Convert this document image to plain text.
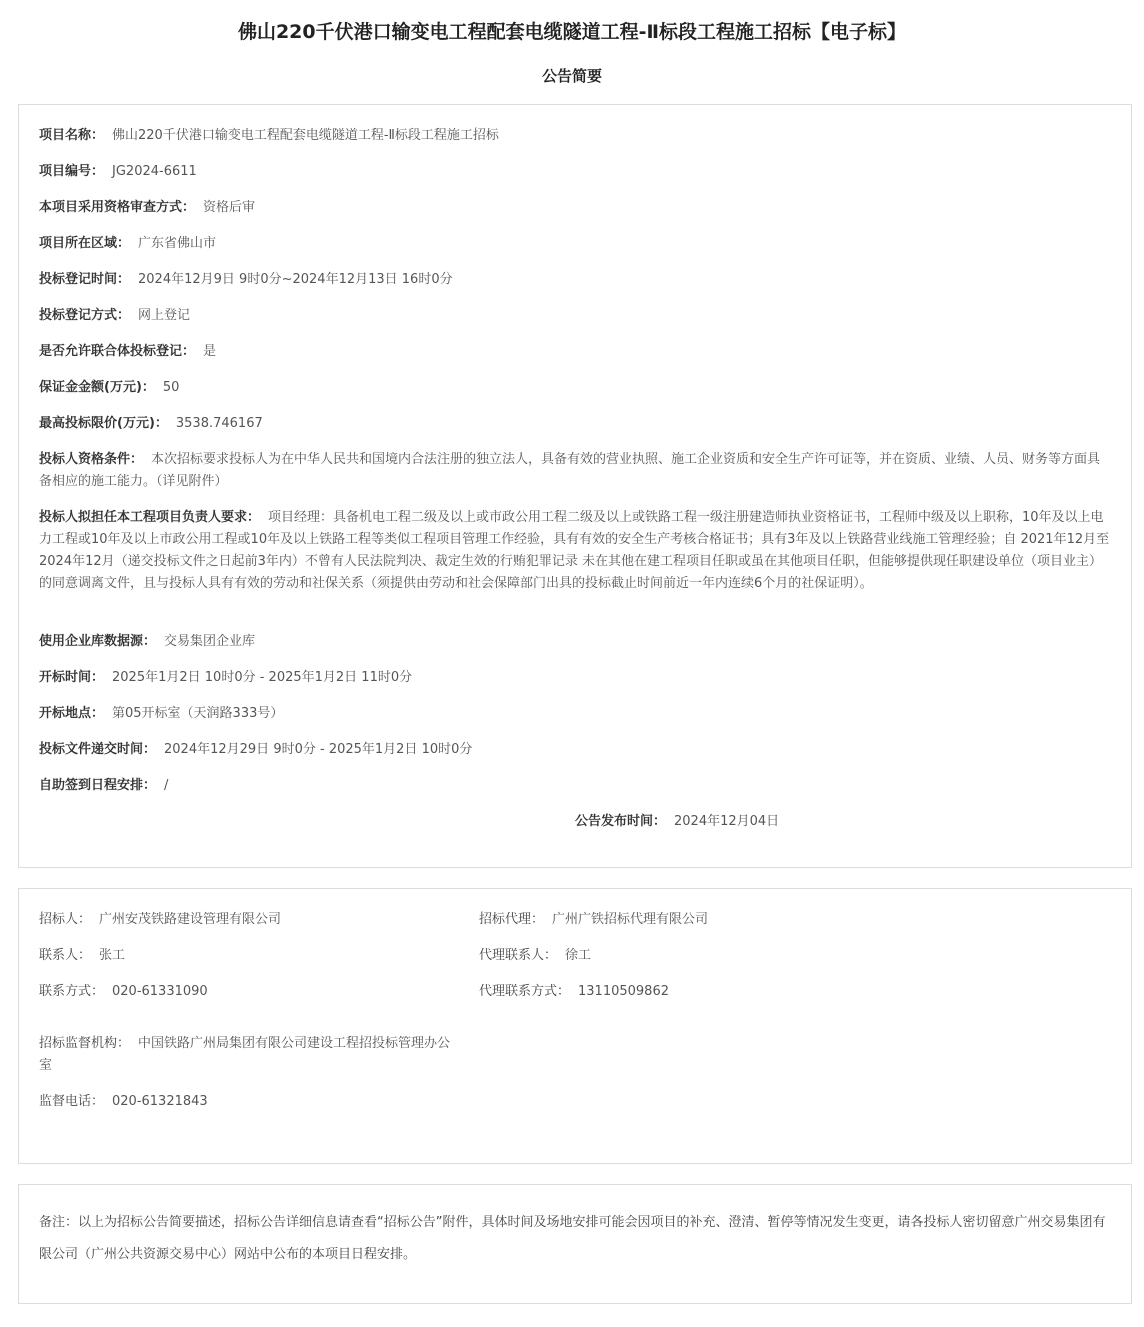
佛山220千伏港口输变电工程配套电缆隧道工程-Ⅱ标段工程施工招标【电子标】
公告简要
项目名称： 佛山220千伏港口输变电工程配套电缆隧道工程-Ⅱ标段工程施工招标
项目编号： JG2024-6611
本项目采用资格审查方式： 资格后审
项目所在区域： 广东省佛山市
投标登记时间： 2024年12月9日 9时0分~2024年12月13日 16时0分
投标登记方式： 网上登记
是否允许联合体投标登记： 是
保证金金额(万元)： 50
最高投标限价(万元)： 3538.746167
投标人资格条件： 本次招标要求投标人为在中华人民共和国境内合法注册的独立法人，具备有效的营业执照、施工企业资质和安全生产许可证等，并在资质、业绩、人员、财务等方面具备相应的施工能力。（详见附件）
投标人拟担任本工程项目负责人要求： 项目经理：具备机电工程二级及以上或市政公用工程二级及以上或铁路工程一级注册建造师执业资格证书，工程师中级及以上职称，10年及以上电力工程或10年及以上市政公用工程或10年及以上铁路工程等类似工程项目管理工作经验，具有有效的安全生产考核合格证书；具有3年及以上铁路营业线施工管理经验；自 2021年12月至 2024年12月（递交投标文件之日起前3年内）不曾有人民法院判决、裁定生效的行贿犯罪记录 未在其他在建工程项目任职或虽在其他项目任职，但能够提供现任职建设单位（项目业主）的同意调离文件，且与投标人具有有效的劳动和社保关系（须提供由劳动和社会保障部门出具的投标截止时间前近一年内连续6个月的社保证明）。
使用企业库数据源： 交易集团企业库
开标时间： 2025年1月2日 10时0分 - 2025年1月2日 11时0分
开标地点： 第05开标室（天润路333号）
投标文件递交时间： 2024年12月29日 9时0分 - 2025年1月2日 10时0分
自助签到日程安排： /
公告发布时间： 2024年12月04日
招标人： 广州安茂铁路建设管理有限公司	招标代理： 广州广铁招标代理有限公司
联系人： 张工	代理联系人： 徐工
联系方式： 020-61331090	代理联系方式： 13110509862
招标监督机构： 中国铁路广州局集团有限公司建设工程招投标管理办公室
监督电话： 020-61321843
备注：以上为招标公告简要描述，招标公告详细信息请查看“招标公告”附件，具体时间及场地安排可能会因项目的补充、澄清、暂停等情况发生变更，请各投标人密切留意广州交易集团有限公司（广州公共资源交易中心）网站中公布的本项目日程安排。
